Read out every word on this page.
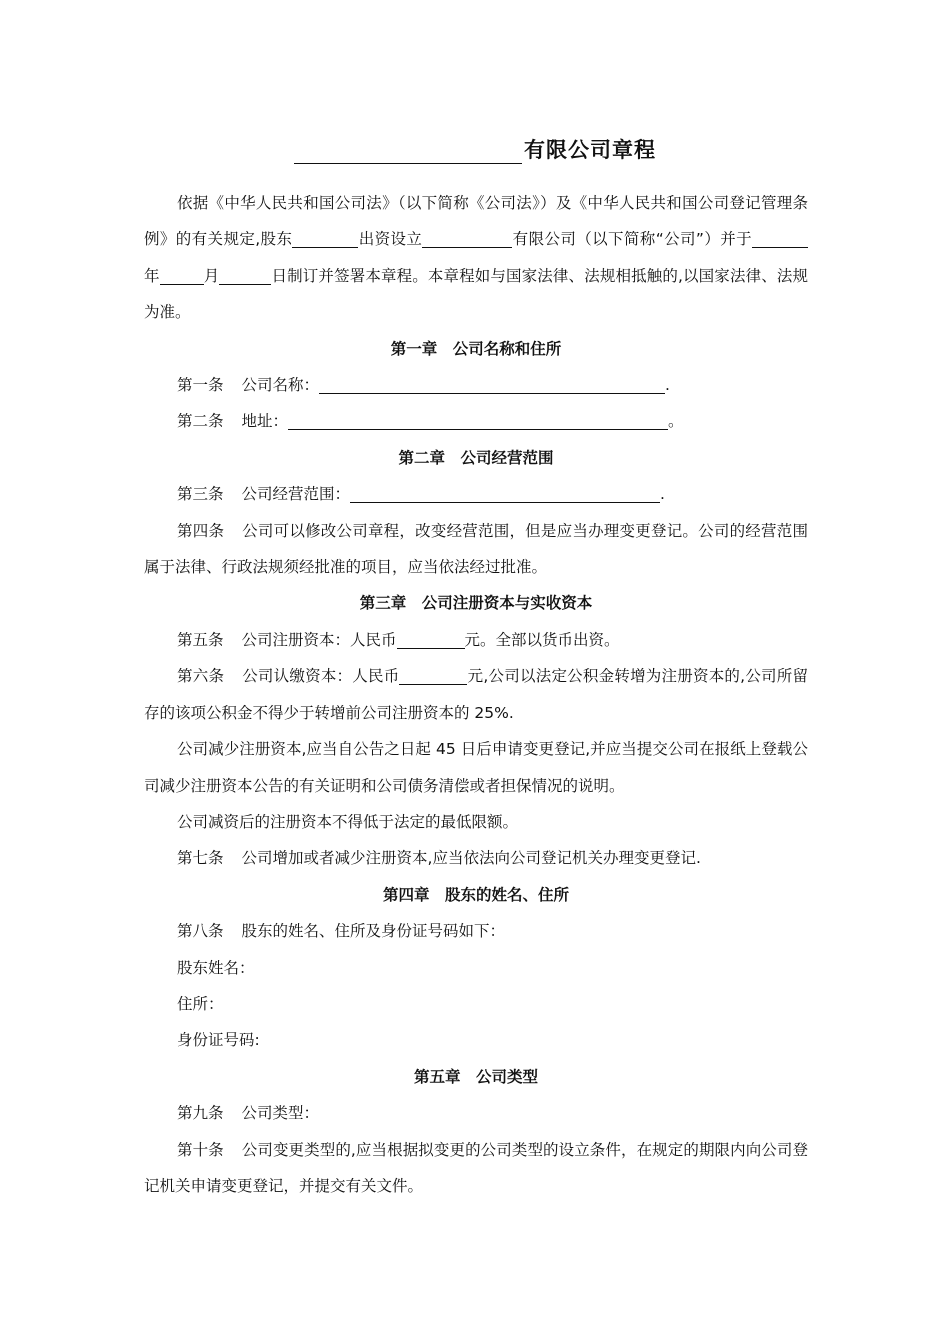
有限公司章程

依据《中华人民共和国公司法》（以下简称《公司法》）及《中华人民共和国公司登记管理条例》的有关规定,股东	出资设立	有限公司（以下简称“公司”）并于年	月	日制订并签署本章程。本章程如与国家法律、法规相抵触的,以国家法律、法规为准。

第一章　公司名称和住所

第一条 公司名称：	.

第二条 地址：	。

第二章　公司经营范围

第三条 公司经营范围：	.

第四条 公司可以修改公司章程，改变经营范围，但是应当办理变更登记。公司的经营范围属于法律、行政法规须经批准的项目，应当依法经过批准。

第三章　公司注册资本与实收资本

第五条 公司注册资本：人民币	元。全部以货币出资。

第六条 公司认缴资本：人民币	元,公司以法定公积金转增为注册资本的,公司所留存的该项公积金不得少于转增前公司注册资本的 25%.

公司减少注册资本,应当自公告之日起 45 日后申请变更登记,并应当提交公司在报纸上登载公司减少注册资本公告的有关证明和公司债务清偿或者担保情况的说明。

公司减资后的注册资本不得低于法定的最低限额。

第七条 公司增加或者减少注册资本,应当依法向公司登记机关办理变更登记.

第四章　股东的姓名、住所

第八条 股东的姓名、住所及身份证号码如下：

股东姓名：

住所：

身份证号码:

第五章　公司类型

第九条 公司类型：

第十条 公司变更类型的,应当根据拟变更的公司类型的设立条件，在规定的期限内向公司登记机关申请变更登记，并提交有关文件。
